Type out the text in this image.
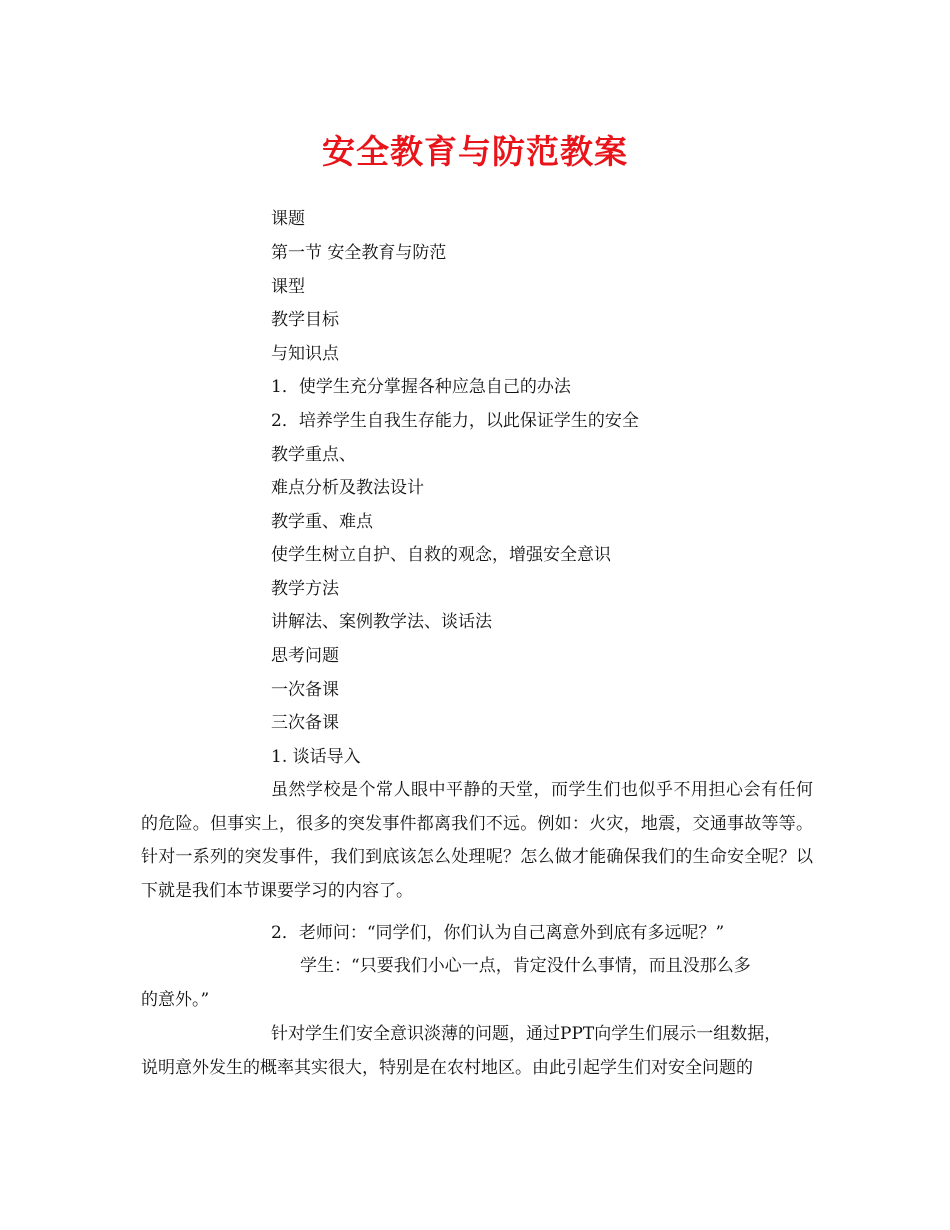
安全教育与防范教案

课题

第一节 安全教育与防范

课型

教学目标

与知识点

1．使学生充分掌握各种应急自己的办法

2．培养学生自我生存能力，以此保证学生的安全

教学重点、

难点分析及教法设计

教学重、难点

使学生树立自护、自救的观念，增强安全意识

教学方法

讲解法、案例教学法、谈话法

思考问题

一次备课

三次备课

1. 谈话导入

虽然学校是个常人眼中平静的天堂，而学生们也似乎不用担心会有任何的危险。但事实上，很多的突发事件都离我们不远。例如：火灾，地震，交通事故等等。针对一系列的突发事件，我们到底该怎么处理呢？怎么做才能确保我们的生命安全呢？以下就是我们本节课要学习的内容了。

2．老师问：“同学们，你们认为自己离意外到底有多远呢？”

学生：“只要我们小心一点，肯定没什么事情，而且没那么多
的意外。”
针对学生们安全意识淡薄的问题，通过PPT向学生们展示一组数据，
说明意外发生的概率其实很大，特别是在农村地区。由此引起学生们对安全问题的
